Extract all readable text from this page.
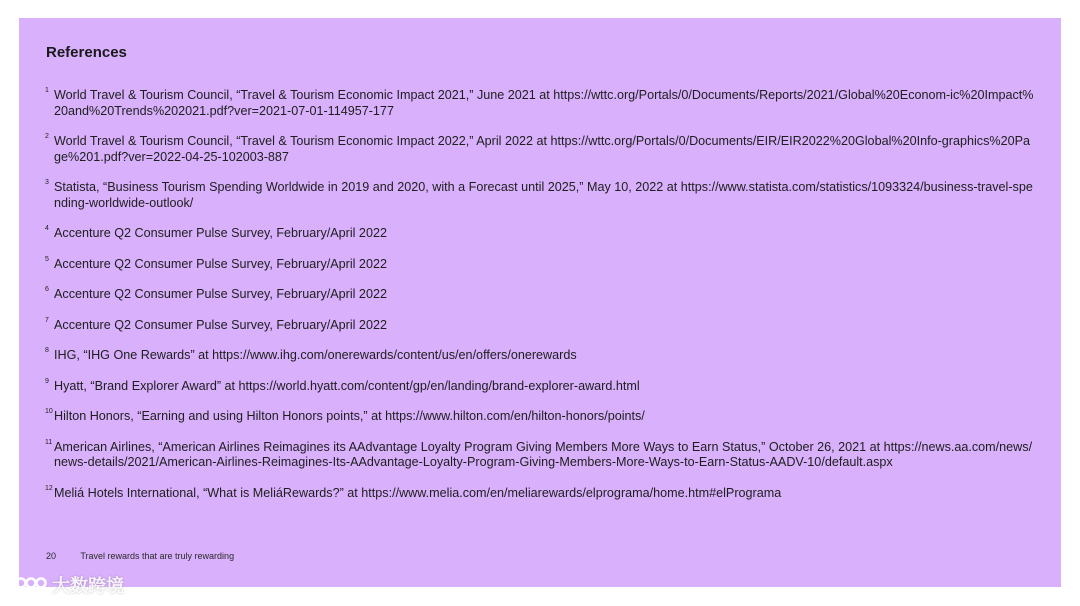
References
1 World Travel & Tourism Council, “Travel & Tourism Economic Impact 2021,” June 2021 at https://wttc.org/Portals/0/Documents/Reports/2021/Global%20Econom-ic%20Impact%20and%20Trends%202021.pdf?ver=2021-07-01-114957-177
2 World Travel & Tourism Council, “Travel & Tourism Economic Impact 2022,” April 2022 at https://wttc.org/Portals/0/Documents/EIR/EIR2022%20Global%20Info-graphics%20Page%201.pdf?ver=2022-04-25-102003-887
3 Statista, “Business Tourism Spending Worldwide in 2019 and 2020, with a Forecast until 2025,” May 10, 2022 at https://www.statista.com/statistics/1093324/business-travel-spending-worldwide-outlook/
4 Accenture Q2 Consumer Pulse Survey, February/April 2022
5 Accenture Q2 Consumer Pulse Survey, February/April 2022
6 Accenture Q2 Consumer Pulse Survey, February/April 2022
7 Accenture Q2 Consumer Pulse Survey, February/April 2022
8 IHG, “IHG One Rewards” at https://www.ihg.com/onerewards/content/us/en/offers/onerewards
9 Hyatt, “Brand Explorer Award” at https://world.hyatt.com/content/gp/en/landing/brand-explorer-award.html
10 Hilton Honors, “Earning and using Hilton Honors points,” at https://www.hilton.com/en/hilton-honors/points/
11 American Airlines, “American Airlines Reimagines its AAdvantage Loyalty Program Giving Members More Ways to Earn Status,” October 26, 2021 at https://news.aa.com/news/news-details/2021/American-Airlines-Reimagines-Its-AAdvantage-Loyalty-Program-Giving-Members-More-Ways-to-Earn-Status-AADV-10/default.aspx
12 Meliá Hotels International, “What is MeliáRewards?” at https://www.melia.com/en/meliarewards/elprograma/home.htm#elPrograma
20	Travel rewards that are truly rewarding
大数跨境
